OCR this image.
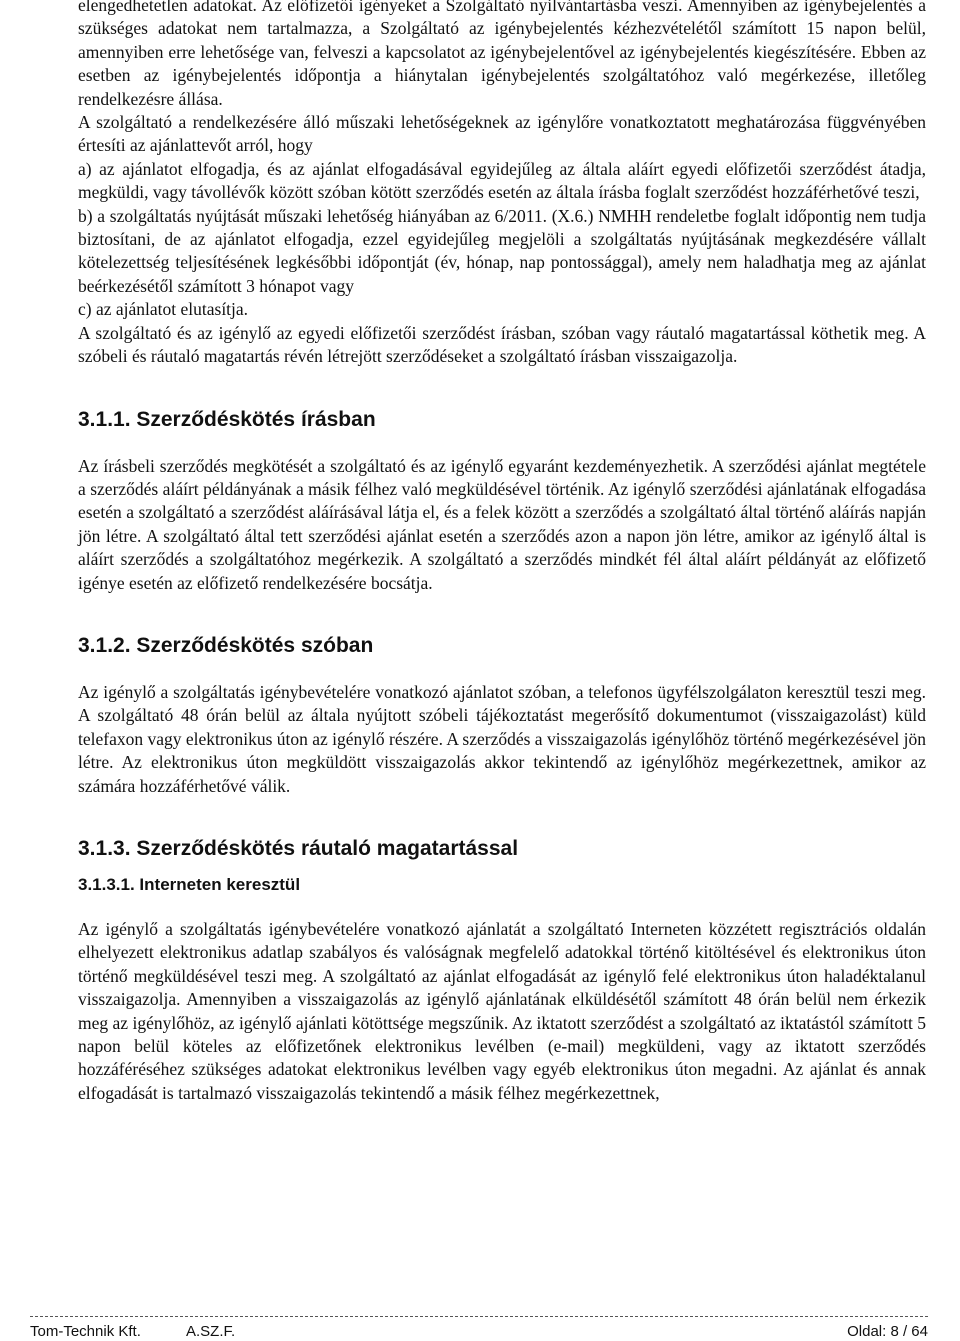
elengedhetetlen adatokat. Az előfizetői igényeket a Szolgáltató nyilvántartásba veszi. Amennyiben az igénybejelentés a szükséges adatokat nem tartalmazza, a Szolgáltató az igénybejelentés kézhezvételétől számított 15 napon belül, amennyiben erre lehetősége van, felveszi a kapcsolatot az igénybejelentővel az igénybejelentés kiegészítésére. Ebben az esetben az igénybejelentés időpontja a hiánytalan igénybejelentés szolgáltatóhoz való megérkezése, illetőleg rendelkezésre állása.

A szolgáltató a rendelkezésére álló műszaki lehetőségeknek az igénylőre vonatkoztatott meghatározása függvényében értesíti az ajánlattevőt arról, hogy

a) az ajánlatot elfogadja, és az ajánlat elfogadásával egyidejűleg az általa aláírt egyedi előfizetői szerződést átadja, megküldi, vagy távollévők között szóban kötött szerződés esetén az általa írásba foglalt szerződést hozzáférhetővé teszi,

b) a szolgáltatás nyújtását műszaki lehetőség hiányában az 6/2011. (X.6.) NMHH rendeletbe foglalt időpontig nem tudja biztosítani, de az ajánlatot elfogadja, ezzel egyidejűleg megjelöli a szolgáltatás nyújtásának megkezdésére vállalt kötelezettség teljesítésének legkésőbbi időpontját (év, hónap, nap pontossággal), amely nem haladhatja meg az ajánlat beérkezésétől számított 3 hónapot vagy

c) az ajánlatot elutasítja.

A szolgáltató és az igénylő az egyedi előfizetői szerződést írásban, szóban vagy ráutaló magatartással köthetik meg. A szóbeli és ráutaló magatartás révén létrejött szerződéseket a szolgáltató írásban visszaigazolja.

3.1.1. Szerződéskötés írásban

Az írásbeli szerződés megkötését a szolgáltató és az igénylő egyaránt kezdeményezhetik. A szerződési ajánlat megtétele a szerződés aláírt példányának a másik félhez való megküldésével történik. Az igénylő szerződési ajánlatának elfogadása esetén a szolgáltató a szerződést aláírásával látja el, és a felek között a szerződés a szolgáltató által történő aláírás napján jön létre. A szolgáltató által tett szerződési ajánlat esetén a szerződés azon a napon jön létre, amikor az igénylő által is aláírt szerződés a szolgáltatóhoz megérkezik. A szolgáltató a szerződés mindkét fél által aláírt példányát az előfizető igénye esetén az előfizető rendelkezésére bocsátja.

3.1.2. Szerződéskötés szóban

Az igénylő a szolgáltatás igénybevételére vonatkozó ajánlatot szóban, a telefonos ügyfélszolgálaton keresztül teszi meg. A szolgáltató 48 órán belül az általa nyújtott szóbeli tájékoztatást megerősítő dokumentumot (visszaigazolást) küld telefaxon vagy elektronikus úton az igénylő részére. A szerződés a visszaigazolás igénylőhöz történő megérkezésével jön létre. Az elektronikus úton megküldött visszaigazolás akkor tekintendő az igénylőhöz megérkezettnek, amikor az számára hozzáférhetővé válik.

3.1.3. Szerződéskötés ráutaló magatartással
3.1.3.1. Interneten keresztül

Az igénylő a szolgáltatás igénybevételére vonatkozó ajánlatát a szolgáltató Interneten közzétett regisztrációs oldalán elhelyezett elektronikus adatlap szabályos és valóságnak megfelelő adatokkal történő kitöltésével és elektronikus úton történő megküldésével teszi meg. A szolgáltató az ajánlat elfogadását az igénylő felé elektronikus úton haladéktalanul visszaigazolja. Amennyiben a visszaigazolás az igénylő ajánlatának elküldésétől számított 48 órán belül nem érkezik meg az igénylőhöz, az igénylő ajánlati kötöttsége megszűnik. Az iktatott szerződést a szolgáltató az iktatástól számított 5 napon belül köteles az előfizetőnek elektronikus levélben (e-mail) megküldeni, vagy az iktatott szerződés hozzáféréséhez szükséges adatokat elektronikus levélben vagy egyéb elektronikus úton megadni. Az ajánlat és annak elfogadását is tartalmazó visszaigazolás tekintendő a másik félhez megérkezettnek,

Tom-Technik Kft.	A.SZ.F.	Oldal: 8 / 64
